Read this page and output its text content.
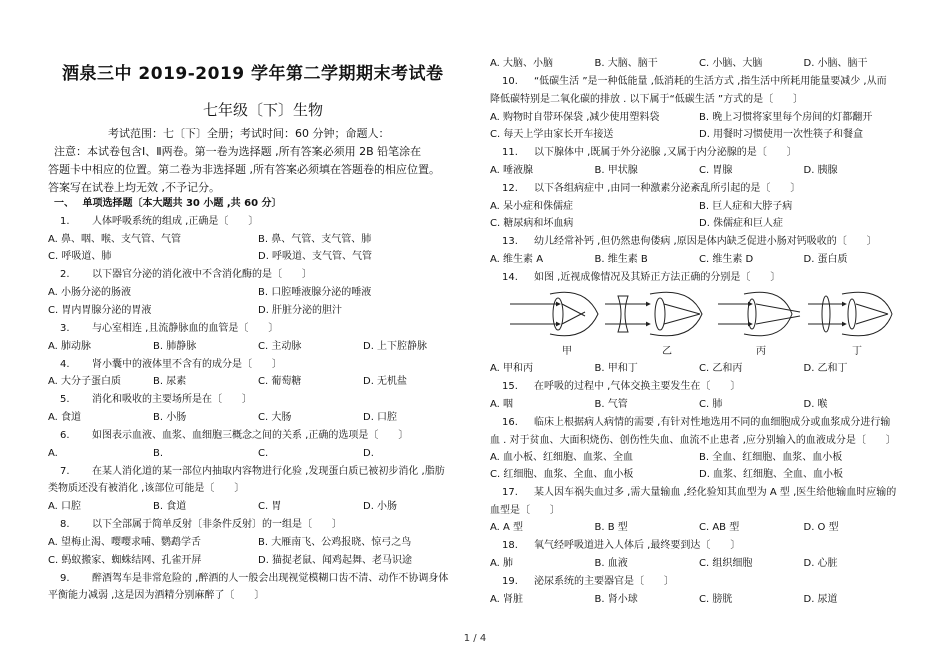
酒泉三中 2019-2019 学年第二学期期末考试卷
七年级〔下〕生物
考试范围：七〔下〕全册；考试时间：60 分钟；命题人：
注意：本试卷包含Ⅰ、Ⅱ两卷。第一卷为选择题 ,所有答案必须用 2B 铅笔涂在
答题卡中相应的位置。第二卷为非选择题 ,所有答案必须填在答题卷的相应位置。
答案写在试卷上均无效 ,不予记分。
一、　 单项选择题〔本大题共 30 小题 ,共 60 分〕
1.	人体呼吸系统的组成 ,正确是〔　　〕
A. 鼻、咽、喉、支气管、气管	B. 鼻、气管、支气管、肺
C. 呼吸道、肺	D. 呼吸道、支气管、气管
2.	以下器官分泌的消化液中不含消化酶的是〔　　〕
A. 小肠分泌的肠液	B. 口腔唾液腺分泌的唾液
C. 胃内胃腺分泌的胃液	D. 肝脏分泌的胆汁
3.	与心室相连 ,且流静脉血的血管是〔　　〕
A. 肺动脉	B. 肺静脉	C. 主动脉	D. 上下腔静脉
4.	肾小囊中的液体里不含有的成分是〔　　〕
A. 大分子蛋白质	B. 尿素	C. 葡萄糖	D. 无机盐
5.	消化和吸收的主要场所是在〔　　〕
A. 食道	B. 小肠	C. 大肠	D. 口腔
6.	如图表示血液、血浆、血细胞三概念之间的关系 ,正确的选项是〔　　〕
A.	B.	C.	D.
7.	在某人消化道的某一部位内抽取内容物进行化验 ,发现蛋白质已被初步消化 ,脂肪
类物质还没有被消化 ,该部位可能是〔　　〕
A. 口腔	B. 食道	C. 胃	D. 小肠
8.	以下全部属于简单反射〔非条件反射〕的一组是〔　　〕
A. 望梅止渴、嘤嘤求哺、鹦鹉学舌	B. 大雁南飞、公鸡报晓、惊弓之鸟
C. 蚂蚁搬家、蜘蛛结网、孔雀开屏	D. 猫捉老鼠、闻鸡起舞、老马识途
9.	醉酒驾车是非常危险的 ,醉酒的人一般会出现视觉模糊口齿不清、动作不协调身体
平衡能力减弱 ,这是因为酒精分别麻醉了〔　　〕
A. 大脑、小脑	B. 大脑、脑干	C. 小脑、大脑	D. 小脑、脑干
10.	“低碳生活 ”是一种低能量 ,低消耗的生活方式 ,指生活中所耗用能量要减少 ,从而
降低碳特别是二氧化碳的排放 . 以下属于“低碳生活 ”方式的是〔　　〕
A. 购物时自带环保袋 ,减少使用塑料袋	B. 晚上习惯将家里每个房间的灯都翻开
C. 每天上学由家长开车接送	D. 用餐时习惯使用一次性筷子和餐盒
11.	以下腺体中 ,既属于外分泌腺 ,又属于内分泌腺的是〔　　〕
A. 唾液腺	B. 甲状腺	C. 胃腺	D. 胰腺
12.	以下各组病症中 ,由同一种激素分泌紊乱所引起的是〔　　〕
A. 呆小症和侏儒症	B. 巨人症和大脖子病
C. 糖尿病和坏血病	D. 侏儒症和巨人症
13.	幼儿经常补钙 ,但仍然患佝偻病 ,原因是体内缺乏促进小肠对钙吸收的〔　　〕
A. 维生素 A	B. 维生素 B	C. 维生素 D	D. 蛋白质
14.	如图 ,近视成像情况及其矫正方法正确的分别是〔　　〕
甲	乙	丙	丁
A. 甲和丙	B. 甲和丁	C. 乙和丙	D. 乙和丁
15.	在呼吸的过程中 ,气体交换主要发生在〔　　〕
A. 咽	B. 气管	C. 肺	D. 喉
16.	临床上根据病人病情的需要 ,有针对性地选用不同的血细胞成分或血浆成分进行输
血 . 对于贫血、大面积烧伤、创伤性失血、血流不止患者 ,应分别输入的血液成分是〔　　〕
A. 血小板、红细胞、血浆、全血	B. 全血、红细胞、血浆、血小板
C. 红细胞、血浆、全血、血小板	D. 血浆、红细胞、全血、血小板
17.	某人因车祸失血过多 ,需大量输血 ,经化验知其血型为 A 型 ,医生给他输血时应输的
血型是〔　　〕
A. A 型	B. B 型	C. AB 型	D. O 型
18.	氧气经呼吸道进入人体后 ,最终要到达〔　　〕
A. 肺	B. 血液	C. 组织细胞	D. 心脏
19.	泌尿系统的主要器官是〔　　〕
A. 肾脏	B. 肾小球	C. 膀胱	D. 尿道
1 / 4
